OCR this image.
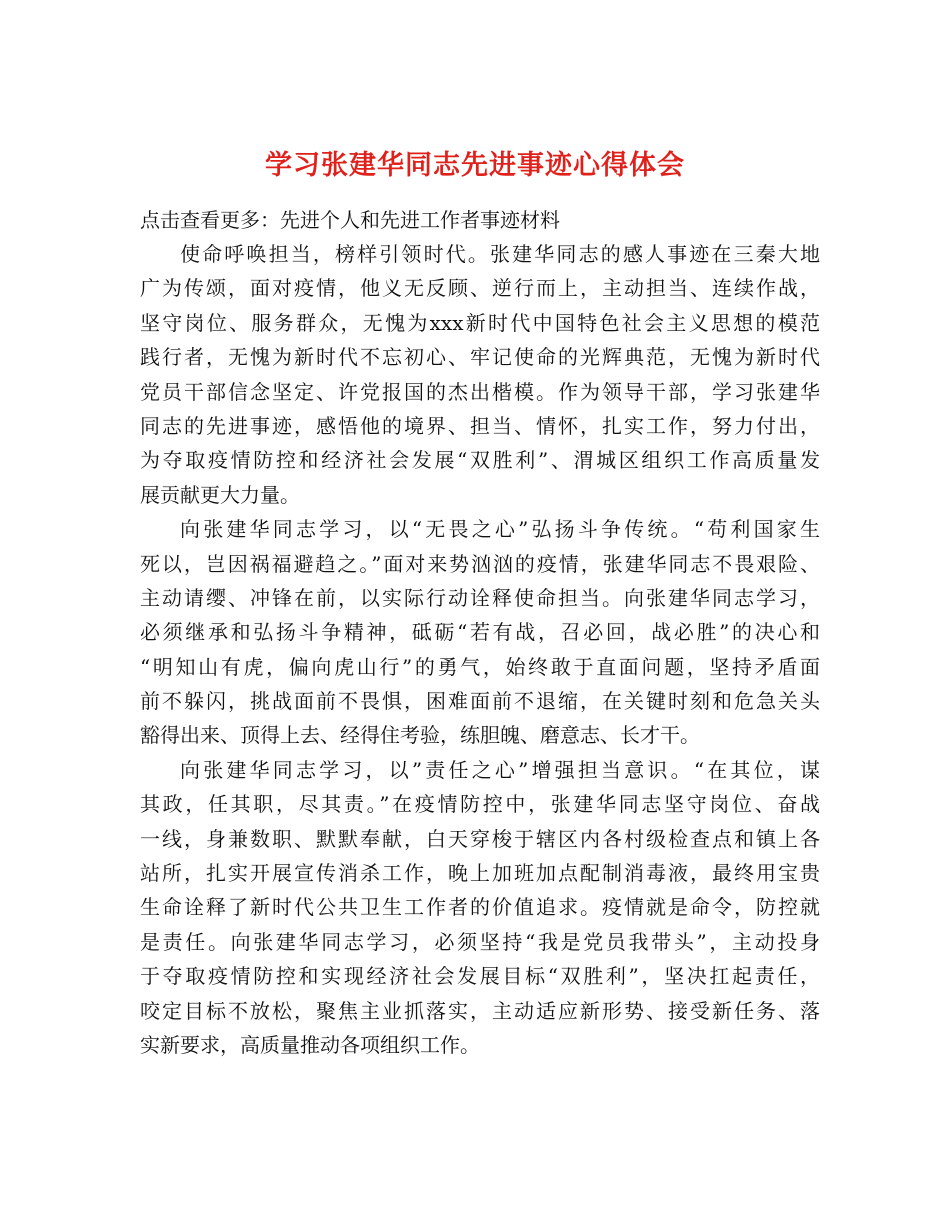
学习张建华同志先进事迹心得体会

点击查看更多：先进个人和先进工作者事迹材料

使命呼唤担当，榜样引领时代。张建华同志的感人事迹在三秦大地
广为传颂，面对疫情，他义无反顾、逆行而上，主动担当、连续作战，
坚守岗位、服务群众，无愧为xxx新时代中国特色社会主义思想的模范
践行者，无愧为新时代不忘初心、牢记使命的光辉典范，无愧为新时代
党员干部信念坚定、许党报国的杰出楷模。作为领导干部，学习张建华
同志的先进事迹，感悟他的境界、担当、情怀，扎实工作，努力付出，
为夺取疫情防控和经济社会发展“双胜利”、渭城区组织工作高质量发
展贡献更大力量。
向张建华同志学习，以“无畏之心”弘扬斗争传统。“苟利国家生
死以，岂因祸福避趋之。”面对来势汹汹的疫情，张建华同志不畏艰险、
主动请缨、冲锋在前，以实际行动诠释使命担当。向张建华同志学习，
必须继承和弘扬斗争精神，砥砺“若有战，召必回，战必胜”的决心和
“明知山有虎，偏向虎山行”的勇气，始终敢于直面问题，坚持矛盾面
前不躲闪，挑战面前不畏惧，困难面前不退缩，在关键时刻和危急关头
豁得出来、顶得上去、经得住考验，练胆魄、磨意志、长才干。
向张建华同志学习，以”责任之心”增强担当意识。“在其位，谋
其政，任其职，尽其责。”在疫情防控中，张建华同志坚守岗位、奋战
一线，身兼数职、默默奉献，白天穿梭于辖区内各村级检查点和镇上各
站所，扎实开展宣传消杀工作，晚上加班加点配制消毒液，最终用宝贵
生命诠释了新时代公共卫生工作者的价值追求。疫情就是命令，防控就
是责任。向张建华同志学习，必须坚持“我是党员我带头”，主动投身
于夺取疫情防控和实现经济社会发展目标“双胜利”，坚决扛起责任，
咬定目标不放松，聚焦主业抓落实，主动适应新形势、接受新任务、落
实新要求，高质量推动各项组织工作。
